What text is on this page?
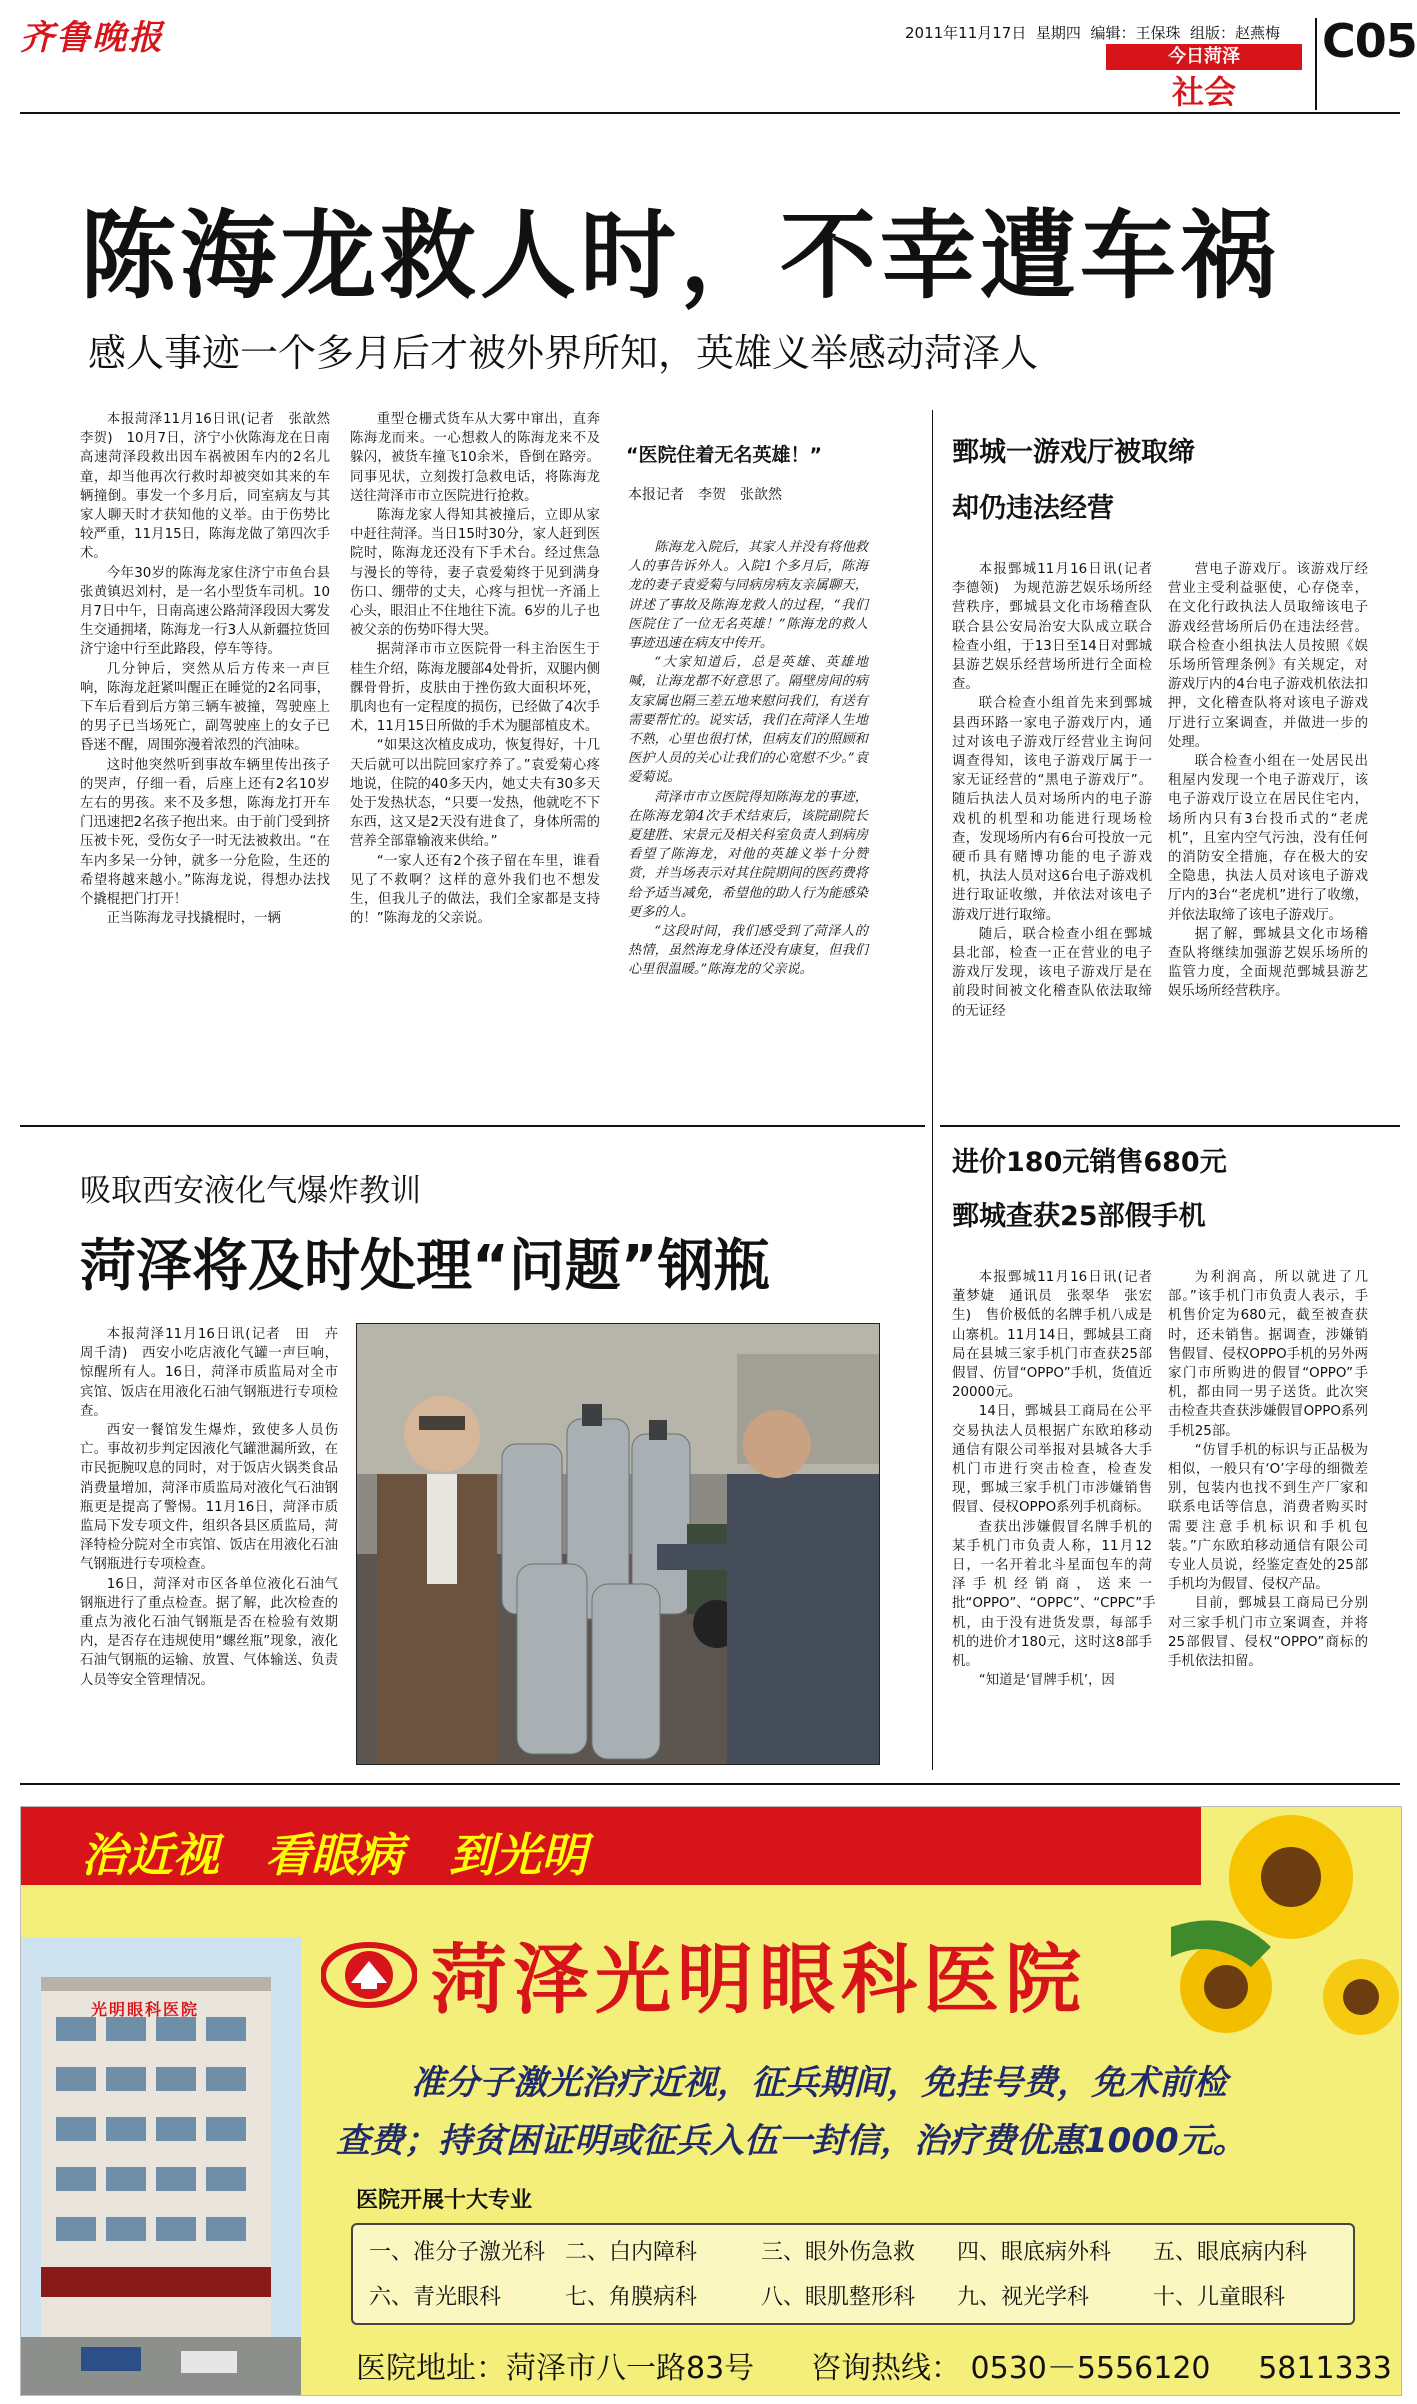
齐鲁晚报	2011年11月17日 星期四 编辑：王保珠 组版：赵燕梅
今日菏泽
社会
C05
陈海龙救人时，不幸遭车祸
感人事迹一个多月后才被外界所知，英雄义举感动菏泽人

本报菏泽11月16日讯(记者　张歆然　李贺)　10月7日，济宁小伙陈海龙在日南高速菏泽段救出因车祸被困车内的2名儿童，却当他再次行救时却被突如其来的车辆撞倒。事发一个多月后，同室病友与其家人聊天时才获知他的义举。由于伤势比较严重，11月15日，陈海龙做了第四次手术。

今年30岁的陈海龙家住济宁市鱼台县张黄镇迟刘村，是一名小型货车司机。10月7日中午，日南高速公路菏泽段因大雾发生交通拥堵，陈海龙一行3人从新疆拉货回济宁途中行至此路段，停车等待。

几分钟后，突然从后方传来一声巨响，陈海龙赶紧叫醒正在睡觉的2名同事，下车后看到后方第三辆车被撞，驾驶座上的男子已当场死亡，副驾驶座上的女子已昏迷不醒，周围弥漫着浓烈的汽油味。

这时他突然听到事故车辆里传出孩子的哭声，仔细一看，后座上还有2名10岁左右的男孩。来不及多想，陈海龙打开车门迅速把2名孩子抱出来。由于前门受到挤压被卡死，受伤女子一时无法被救出。“在车内多呆一分钟，就多一分危险，生还的希望将越来越小。”陈海龙说，得想办法找个撬棍把门打开！

正当陈海龙寻找撬棍时，一辆

重型仓栅式货车从大雾中窜出，直奔陈海龙而来。一心想救人的陈海龙来不及躲闪，被货车撞飞10余米，昏倒在路旁。同事见状，立刻拨打急救电话，将陈海龙送往菏泽市市立医院进行抢救。

陈海龙家人得知其被撞后，立即从家中赶往菏泽。当日15时30分，家人赶到医院时，陈海龙还没有下手术台。经过焦急与漫长的等待，妻子袁爱菊终于见到满身伤口、绷带的丈夫，心疼与担忧一齐涌上心头，眼泪止不住地往下流。6岁的儿子也被父亲的伤势吓得大哭。

据菏泽市市立医院骨一科主治医生于桂生介绍，陈海龙腰部4处骨折，双腿内侧髁骨骨折，皮肤由于挫伤致大面积坏死，肌肉也有一定程度的损伤，已经做了4次手术，11月15日所做的手术为腿部植皮术。

“如果这次植皮成功，恢复得好，十几天后就可以出院回家疗养了。”袁爱菊心疼地说，住院的40多天内，她丈夫有30多天处于发热状态，“只要一发热，他就吃不下东西，这又是2天没有进食了，身体所需的营养全部靠输液来供给。”

“一家人还有2个孩子留在车里，谁看见了不救啊？这样的意外我们也不想发生，但我儿子的做法，我们全家都是支持的！”陈海龙的父亲说。

“医院住着无名英雄！”
本报记者　李贺　张歆然

陈海龙入院后，其家人并没有将他救人的事告诉外人。入院1个多月后，陈海龙的妻子袁爱菊与同病房病友亲属聊天，讲述了事故及陈海龙救人的过程，“我们医院住了一位无名英雄！”陈海龙的救人事迹迅速在病友中传开。

“大家知道后，总是英雄、英雄地喊，让海龙都不好意思了。隔壁房间的病友家属也隔三差五地来慰问我们，有送有需要帮忙的。说实话，我们在菏泽人生地不熟，心里也很打怵，但病友们的照顾和医护人员的关心让我们的心宽慰不少。”袁爱菊说。

菏泽市市立医院得知陈海龙的事迹，在陈海龙第4次手术结束后，该院副院长夏建胜、宋景元及相关科室负责人到病房看望了陈海龙，对他的英雄义举十分赞赏，并当场表示对其住院期间的医药费将给予适当减免，希望他的助人行为能感染更多的人。

“这段时间，我们感受到了菏泽人的热情，虽然海龙身体还没有康复，但我们心里很温暖。”陈海龙的父亲说。

鄄城一游戏厅被取缔
却仍违法经营

本报鄄城11月16日讯(记者　李德领)　为规范游艺娱乐场所经营秩序，鄄城县文化市场稽查队联合县公安局治安大队成立联合检查小组，于13日至14日对鄄城县游艺娱乐经营场所进行全面检查。

联合检查小组首先来到鄄城县西环路一家电子游戏厅内，通过对该电子游戏厅经营业主询问调查得知，该电子游戏厅属于一家无证经营的“黑电子游戏厅”。随后执法人员对场所内的电子游戏机的机型和功能进行现场检查，发现场所内有6台可投放一元硬币具有赌博功能的电子游戏机，执法人员对这6台电子游戏机进行取证收缴，并依法对该电子游戏厅进行取缔。

随后，联合检查小组在鄄城县北部，检查一正在营业的电子游戏厅发现，该电子游戏厅是在前段时间被文化稽查队依法取缔的无证经

营电子游戏厅。该游戏厅经营业主受利益驱使，心存侥幸，在文化行政执法人员取缔该电子游戏经营场所后仍在违法经营。联合检查小组执法人员按照《娱乐场所管理条例》有关规定，对游戏厅内的4台电子游戏机依法扣押，文化稽查队将对该电子游戏厅进行立案调查，并做进一步的处理。

联合检查小组在一处居民出租屋内发现一个电子游戏厅，该电子游戏厅设立在居民住宅内，场所内只有3台投币式的“老虎机”，且室内空气污浊，没有任何的消防安全措施，存在极大的安全隐患，执法人员对该电子游戏厅内的3台“老虎机”进行了收缴，并依法取缔了该电子游戏厅。

据了解，鄄城县文化市场稽查队将继续加强游艺娱乐场所的监管力度，全面规范鄄城县游艺娱乐场所经营秩序。

进价180元销售680元
鄄城查获25部假手机

本报鄄城11月16日讯(记者　董梦婕　通讯员　张翠华　张宏生)　售价极低的名牌手机八成是山寨机。11月14日，鄄城县工商局在县城三家手机门市查获25部假冒、仿冒“OPPO”手机，货值近20000元。

14日，鄄城县工商局在公平交易执法人员根据广东欧珀移动通信有限公司举报对县城各大手机门市进行突击检查，检查发现，鄄城三家手机门市涉嫌销售假冒、侵权OPPO系列手机商标。

查获出涉嫌假冒名牌手机的某手机门市负责人称，11月12日，一名开着北斗星面包车的菏泽手机经销商，送来一批“OPPO”、“OPPC”、“CPPC”手机，由于没有进货发票，每部手机的进价才180元，这时这8部手机。

“知道是‘冒牌手机’，因

为利润高，所以就进了几部。”该手机门市负责人表示，手机售价定为680元，截至被查获时，还未销售。据调查，涉嫌销售假冒、侵权OPPO手机的另外两家门市所购进的假冒“OPPO”手机，都由同一男子送货。此次突击检查共查获涉嫌假冒OPPO系列手机25部。

“仿冒手机的标识与正品极为相似，一般只有‘O’字母的细微差别，包装内也找不到生产厂家和联系电话等信息，消费者购买时需要注意手机标识和手机包装。”广东欧珀移动通信有限公司专业人员说，经鉴定查处的25部手机均为假冒、侵权产品。

目前，鄄城县工商局已分别对三家手机门市立案调查，并将25部假冒、侵权“OPPO”商标的手机依法扣留。

吸取西安液化气爆炸教训
菏泽将及时处理“问题”钢瓶

本报菏泽11月16日讯(记者　田　卉　周千清)　西安小吃店液化气罐一声巨响，惊醒所有人。16日，菏泽市质监局对全市宾馆、饭店在用液化石油气钢瓶进行专项检查。

西安一餐馆发生爆炸，致使多人员伤亡。事故初步判定因液化气罐泄漏所致，在市民扼腕叹息的同时，对于饭店火锅类食品消费量增加，菏泽市质监局对液化气石油钢瓶更是提高了警惕。11月16日，菏泽市质监局下发专项文件，组织各县区质监局，菏泽特检分院对全市宾馆、饭店在用液化石油气钢瓶进行专项检查。

16日，菏泽对市区各单位液化石油气钢瓶进行了重点检查。据了解，此次检查的重点为液化石油气钢瓶是否在检验有效期内，是否存在违规使用“螺丝瓶”现象，液化石油气钢瓶的运输、放置、气体输送、负责人员等安全管理情况。

治近视　看眼病　到光明
菏泽光明眼科医院
光明眼科医院
准分子激光治疗近视，征兵期间，免挂号费，免术前检
查费；持贫困证明或征兵入伍一封信，治疗费优惠1000元。
医院开展十大专业
一、准分子激光科 二、白内障科	三、眼外伤急救	四、眼底病外科	五、眼底病内科
六、青光眼科	七、角膜病科	八、眼肌整形科	九、视光学科	十、儿童眼科
医院地址：菏泽市八一路83号 咨询热线： 0530－5556120 5811333
